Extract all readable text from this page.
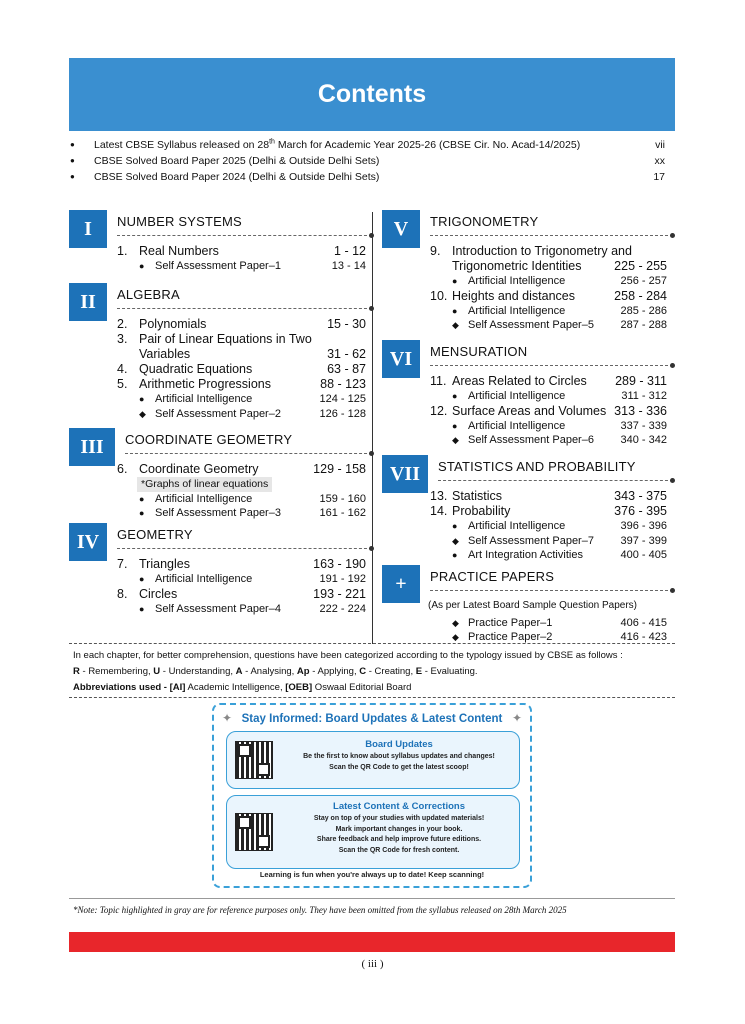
Contents
● Latest CBSE Syllabus released on 28th March for Academic Year 2025-26 (CBSE Cir. No. Acad-14/2025)	vii
● CBSE Solved Board Paper 2025 (Delhi & Outside Delhi Sets)	xx
● CBSE Solved Board Paper 2024 (Delhi & Outside Delhi Sets)	17
I	NUMBER SYSTEMS
1. Real Numbers	1 - 12
● Self Assessment Paper–1	13 - 14
II	ALGEBRA
2. Polynomials	15 - 30
3. Pair of Linear Equations in Two
Variables	31 - 62
4. Quadratic Equations	63 - 87
5. Arithmetic Progressions	88 - 123
● Artificial Intelligence	124 - 125
◆ Self Assessment Paper–2	126 - 128
III	COORDINATE GEOMETRY
6. Coordinate Geometry	129 - 158
*Graphs of linear equations
● Artificial Intelligence	159 - 160
● Self Assessment Paper–3	161 - 162
IV	GEOMETRY
7. Triangles	163 - 190
● Artificial Intelligence	191 - 192
8. Circles	193 - 221
● Self Assessment Paper–4	222 - 224
V	TRIGONOMETRY
9. Introduction to Trigonometry and
Trigonometric Identities	225 - 255
● Artificial Intelligence	256 - 257
10. Heights and distances	258 - 284
● Artificial Intelligence	285 - 286
◆ Self Assessment Paper–5 287 - 288
VI	MENSURATION
11. Areas Related to Circles 289 - 311
● Artificial Intelligence	311 - 312
12. Surface Areas and Volumes 313 - 336
● Artificial Intelligence	337 - 339
◆ Self Assessment Paper–6 340 - 342
VII	STATISTICS AND PROBABILITY
13. Statistics	343 - 375
14. Probability	376 - 395
● Artificial Intelligence	396 - 396
◆ Self Assessment Paper–7 397 - 399
● Art Integration Activities	400 - 405
+	PRACTICE PAPERS
(As per Latest Board Sample Question Papers)
◆ Practice Paper–1	406 - 415
◆ Practice Paper–2	416 - 423
In each chapter, for better comprehension, questions have been categorized according to the typology issued by CBSE as follows :
R - Remembering, U - Understanding, A - Analysing, Ap - Applying, C - Creating, E - Evaluating.
Abbreviations used - [AI] Academic Intelligence, [OEB] Oswaal Editorial Board
✦	✦
Stay Informed: Board Updates & Latest Content
Board Updates
Be the first to know about syllabus updates and changes!
Scan the QR Code to get the latest scoop!
Latest Content & Corrections
Stay on top of your studies with updated materials!
Mark important changes in your book.
Share feedback and help improve future editions.
Scan the QR Code for fresh content.
Learning is fun when you're always up to date! Keep scanning!
*Note: Topic highlighted in gray are for reference purposes only. They have been omitted from the syllabus released on 28th March 2025
( iii )
